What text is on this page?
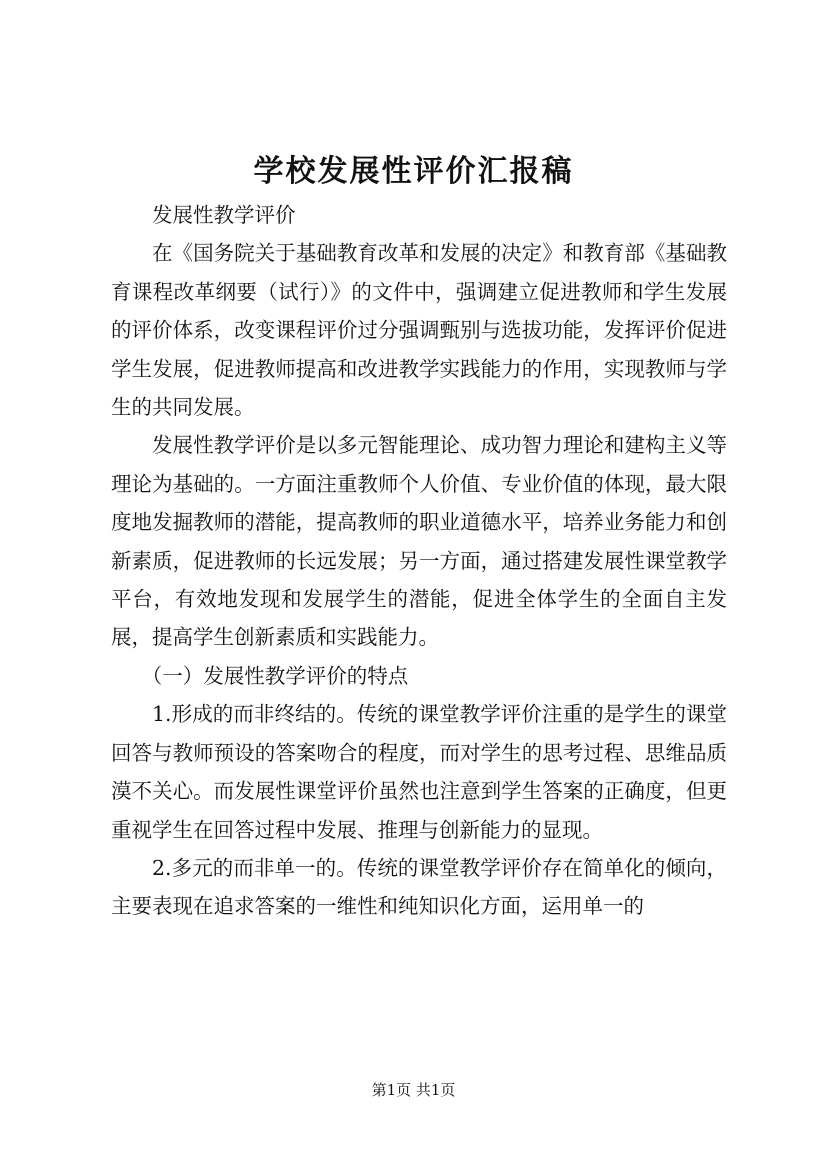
学校发展性评价汇报稿

发展性教学评价

在《国务院关于基础教育改革和发展的决定》和教育部《基础教育课程改革纲要（试行）》的文件中，强调建立促进教师和学生发展的评价体系，改变课程评价过分强调甄别与选拔功能，发挥评价促进学生发展，促进教师提高和改进教学实践能力的作用，实现教师与学生的共同发展。

发展性教学评价是以多元智能理论、成功智力理论和建构主义等理论为基础的。一方面注重教师个人价值、专业价值的体现，最大限度地发掘教师的潜能，提高教师的职业道德水平，培养业务能力和创新素质，促进教师的长远发展；另一方面，通过搭建发展性课堂教学平台，有效地发现和发展学生的潜能，促进全体学生的全面自主发展，提高学生创新素质和实践能力。

（一）发展性教学评价的特点

1.形成的而非终结的。传统的课堂教学评价注重的是学生的课堂回答与教师预设的答案吻合的程度，而对学生的思考过程、思维品质漠不关心。而发展性课堂评价虽然也注意到学生答案的正确度，但更重视学生在回答过程中发展、推理与创新能力的显现。

2.多元的而非单一的。传统的课堂教学评价存在简单化的倾向，主要表现在追求答案的一维性和纯知识化方面，运用单一的

第1页 共1页
